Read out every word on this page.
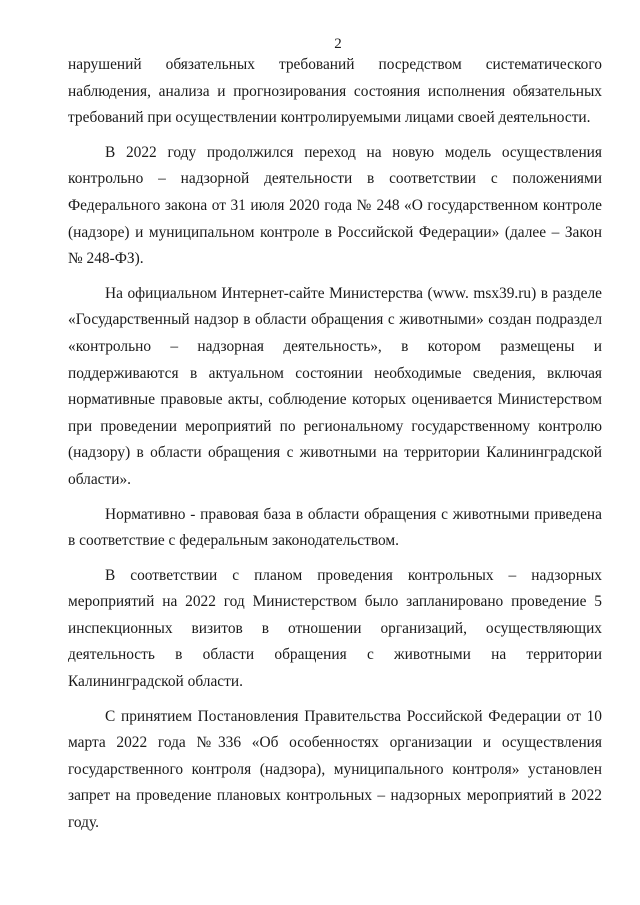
2

нарушений обязательных требований посредством систематического наблюдения, анализа и прогнозирования состояния исполнения обязательных требований при осуществлении контролируемыми лицами своей деятельности.

В 2022 году продолжился переход на новую модель осуществления контрольно – надзорной деятельности в соответствии с положениями Федерального закона от 31 июля 2020 года № 248 «О государственном контроле (надзоре) и муниципальном контроле в Российской Федерации» (далее – Закон № 248-ФЗ).

На официальном Интернет-сайте Министерства (www. msx39.ru) в разделе «Государственный надзор в области обращения с животными» создан подраздел «контрольно – надзорная деятельность», в котором размещены и поддерживаются в актуальном состоянии необходимые сведения, включая нормативные правовые акты, соблюдение которых оценивается Министерством при проведении мероприятий по региональному государственному контролю (надзору) в области обращения с животными на территории Калининградской области».

Нормативно - правовая база в области обращения с животными приведена в соответствие с федеральным законодательством.

В соответствии с планом проведения контрольных – надзорных мероприятий на 2022 год Министерством было запланировано проведение 5 инспекционных визитов в отношении организаций, осуществляющих деятельность в области обращения с животными на территории Калининградской области.

С принятием Постановления Правительства Российской Федерации от 10 марта 2022 года №336 «Об особенностях организации и осуществления государственного контроля (надзора), муниципального контроля» установлен запрет на проведение плановых контрольных – надзорных мероприятий в 2022 году.
